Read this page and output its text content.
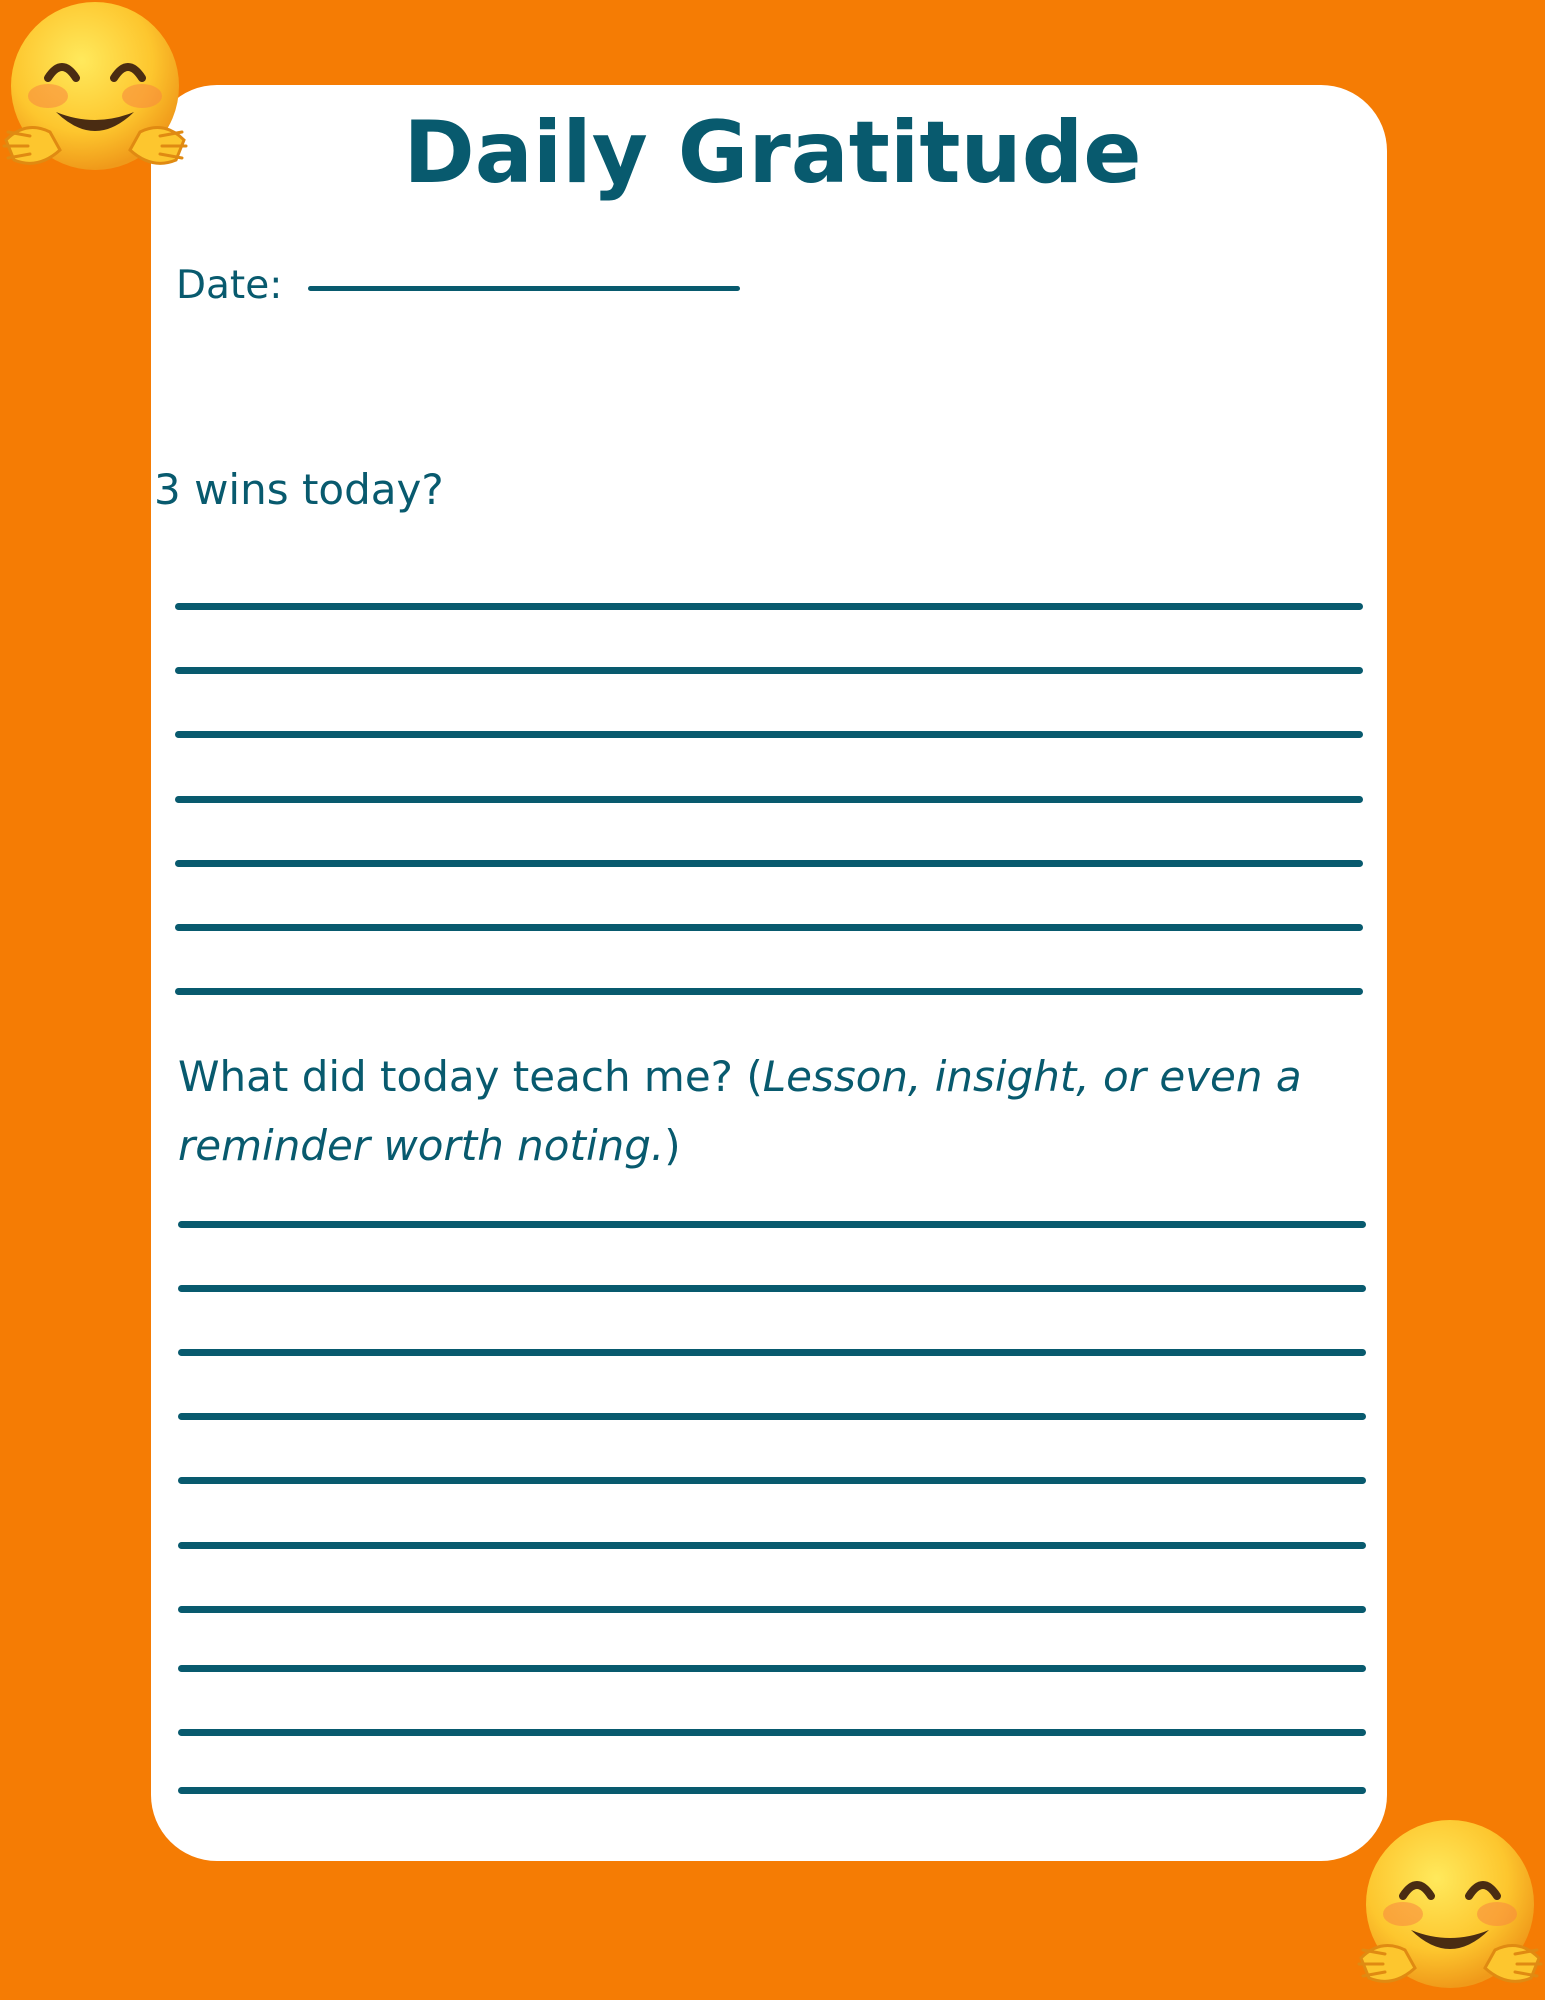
Daily Gratitude
Date:
3 wins today?
What did today teach me? (Lesson, insight, or even a reminder worth noting.)
